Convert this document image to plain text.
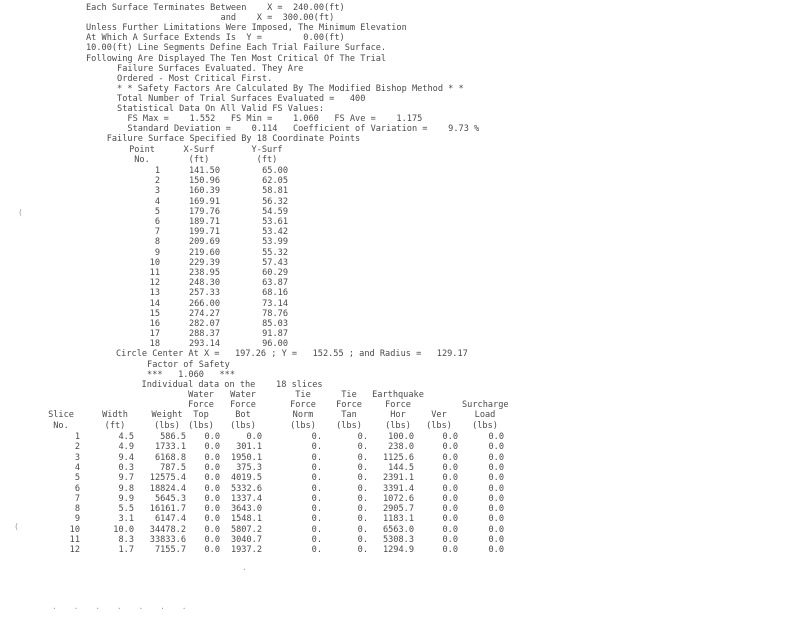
Each Surface Terminates Between    X =  240.00(ft)
and    X =  300.00(ft)
Unless Further Limitations Were Imposed, The Minimum Elevation
At Which A Surface Extends Is  Y =        0.00(ft)
10.00(ft) Line Segments Define Each Trial Failure Surface.
Following Are Displayed The Ten Most Critical Of The Trial
Failure Surfaces Evaluated. They Are
Ordered - Most Critical First.
* * Safety Factors Are Calculated By The Modified Bishop Method * *
Total Number of Trial Surfaces Evaluated =   400
Statistical Data On All Valid FS Values:
FS Max =    1.552   FS Min =    1.060   FS Ave =    1.175
Standard Deviation =    0.114   Coefficient of Variation =    9.73 %
Failure Surface Specified By 18 Coordinate Points
Point	X-Surf	Y-Surf
No.	(ft)	(ft)
1	141.50	65.00
2	150.96	62.05
3	160.39	58.81
4	169.91	56.32
5	179.76	54.59
6	189.71	53.61
7	199.71	53.42
8	209.69	53.99
9	219.60	55.32
10	229.39	57.43
11	238.95	60.29
12	248.30	63.87
13	257.33	68.16
14	266.00	73.14
15	274.27	78.76
16	282.07	85.03
17	288.37	91.87
18	293.14	96.00
Circle Center At X =   197.26 ; Y =   152.55 ; and Radius =   129.17
Factor of Safety
***   1.060   ***
Individual data on the    18 slices
Water	Water	Tie	Tie	Earthquake
Force	Force	Force	Force	Force	Surcharge
Slice	Width	Weight	Top	Bot	Norm	Tan	Hor	Ver	Load
No.	(ft)	(lbs) (lbs)	(lbs)	(lbs)	(lbs)	(lbs)	(lbs)	(lbs)
1	4.5	586.5	0.0	0.0	0.	0.	100.0	0.0	0.0
2	4.9	1733.1	0.0	301.1	0.	0.	238.0	0.0	0.0
3	9.4	6168.8	0.0	1950.1	0.	0.	1125.6	0.0	0.0
4	0.3	787.5	0.0	375.3	0.	0.	144.5	0.0	0.0
5	9.7	12575.4	0.0	4019.5	0.	0.	2391.1	0.0	0.0
6	9.8	18824.4	0.0	5332.6	0.	0.	3391.4	0.0	0.0
7	9.9	5645.3	0.0	1337.4	0.	0.	1072.6	0.0	0.0
8	5.5	16161.7	0.0	3643.0	0.	0.	2905.7	0.0	0.0
9	3.1	6147.4	0.0	1548.1	0.	0.	1183.1	0.0	0.0
10	10.0	34478.2	0.0	5807.2	0.	0.	6563.0	0.0	0.0
11	8.3	33833.6	0.0	3040.7	0.	0.	5308.3	0.0	0.0
12	1.7	7155.7	0.0	1937.2	0.	0.	1294.9	0.0	0.0
(
(
. . . . . . .
.
